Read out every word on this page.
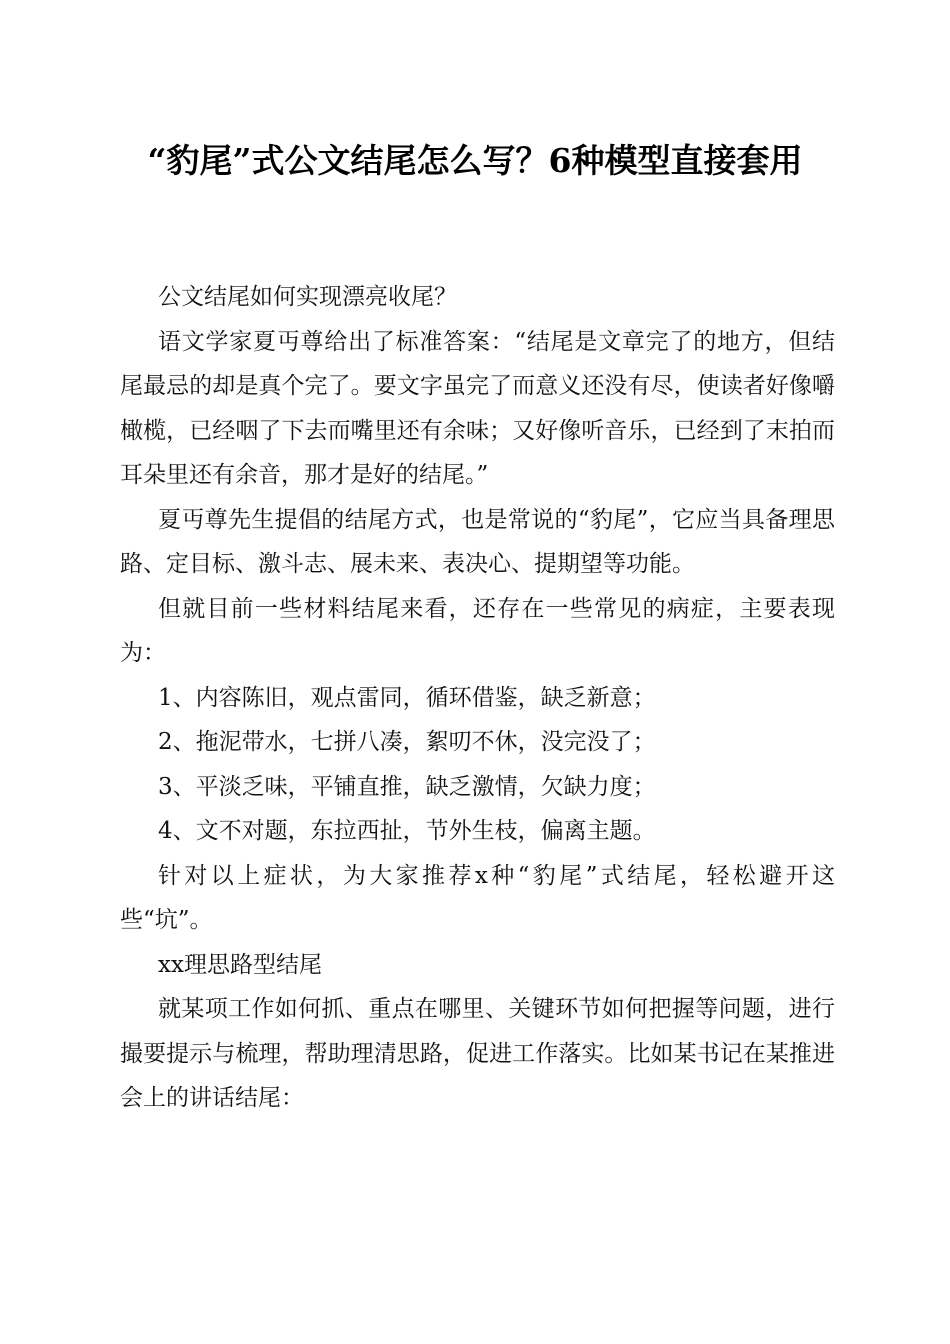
“豹尾”式公文结尾怎么写？6种模型直接套用

公文结尾如何实现漂亮收尾？

语文学家夏丏尊给出了标准答案：“结尾是文章完了的地方，但结尾最忌的却是真个完了。要文字虽完了而意义还没有尽，使读者好像嚼橄榄，已经咽了下去而嘴里还有余味；又好像听音乐，已经到了末拍而耳朵里还有余音，那才是好的结尾。”

夏丏尊先生提倡的结尾方式，也是常说的“豹尾”，它应当具备理思路、定目标、激斗志、展未来、表决心、提期望等功能。

但就目前一些材料结尾来看，还存在一些常见的病症，主要表现为：

1、内容陈旧，观点雷同，循环借鉴，缺乏新意；

2、拖泥带水，七拼八凑，絮叨不休，没完没了；

3、平淡乏味，平铺直推，缺乏激情，欠缺力度；

4、文不对题，东拉西扯，节外生枝，偏离主题。

针对以上症状，为大家推荐x种“豹尾”式结尾，轻松避开这些“坑”。

xx理思路型结尾

就某项工作如何抓、重点在哪里、关键环节如何把握等问题，进行撮要提示与梳理，帮助理清思路，促进工作落实。比如某书记在某推进会上的讲话结尾：
